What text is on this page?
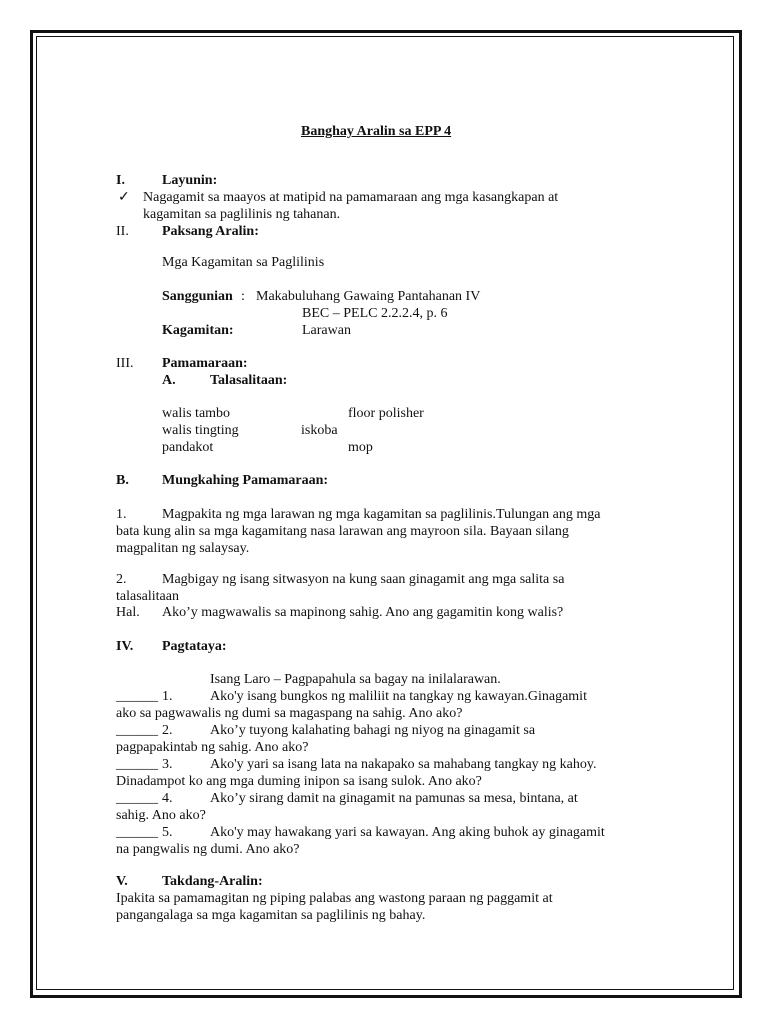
Banghay Aralin sa EPP 4
I.	Layunin:
✓ Nagagamit sa maayos at matipid na pamamaraan ang mga kasangkapan at
kagamitan sa paglilinis ng tahanan.
II. Paksang Aralin:
Mga Kagamitan sa Paglilinis
Sanggunian : Makabuluhang Gawaing Pantahanan IV
BEC – PELC 2.2.2.4, p. 6
Kagamitan:	Larawan
III. Pamamaraan:
A. Talasalitaan:
walis tambo	floor polisher
walis tingting	iskoba
pandakot	mop
B. Mungkahing Pamamaraan:
1.	Magpakita ng mga larawan ng mga kagamitan sa paglilinis.Tulungan ang mga
bata kung alin sa mga kagamitang nasa larawan ang mayroon sila. Bayaan silang
magpalitan ng salaysay.
2.	Magbigay ng isang sitwasyon na kung saan ginagamit ang mga salita sa
talasalitaan
Hal. Ako’y magwawalis sa mapinong sahig. Ano ang gagamitin kong walis?
IV. Pagtataya:
Isang Laro – Pagpapahula sa bagay na inilalarawan.
______ 1.	Ako'y isang bungkos ng maliliit na tangkay ng kawayan.Ginagamit
ako sa pagwawalis ng dumi sa magaspang na sahig. Ano ako?
______ 2.	Ako’y tuyong kalahating bahagi ng niyog na ginagamit sa
pagpapakintab ng sahig. Ano ako?
______ 3.	Ako'y yari sa isang lata na nakapako sa mahabang tangkay ng kahoy.
Dinadampot ko ang mga duming inipon sa isang sulok. Ano ako?
______ 4.	Ako’y sirang damit na ginagamit na pamunas sa mesa, bintana, at
sahig. Ano ako?
______ 5.	Ako'y may hawakang yari sa kawayan. Ang aking buhok ay ginagamit
na pangwalis ng dumi. Ano ako?
V. Takdang-Aralin:
Ipakita sa pamamagitan ng piping palabas ang wastong paraan ng paggamit at
pangangalaga sa mga kagamitan sa paglilinis ng bahay.
